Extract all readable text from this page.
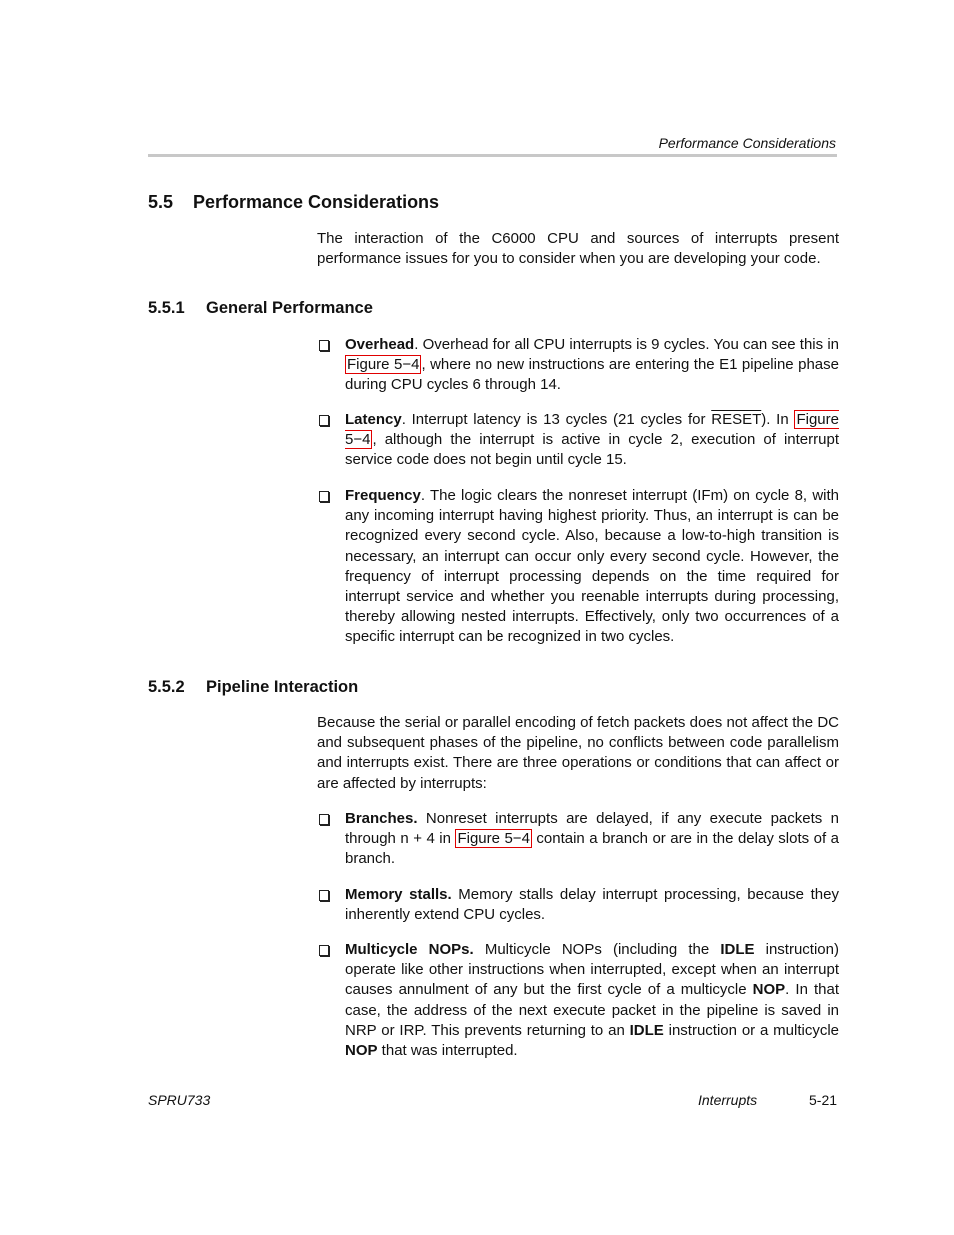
Performance Considerations
5.5 Performance Considerations

The interaction of the C6000 CPU and sources of interrupts present performance issues for you to consider when you are developing your code.

5.5.1 General Performance
Overhead. Overhead for all CPU interrupts is 9 cycles. You can see this in Figure 5−4 , where no new instructions are entering the E1 pipeline phase during CPU cycles 6 through 14.
Latency. Interrupt latency is 13 cycles (21 cycles for RESET). In Figure 5−4 , although the interrupt is active in cycle 2, execution of interrupt service code does not begin until cycle 15.
Frequency. The logic clears the nonreset interrupt (IFm) on cycle 8, with any incoming interrupt having highest priority. Thus, an interrupt is can be recognized every second cycle. Also, because a low-to-high transition is necessary, an interrupt can occur only every second cycle. However, the frequency of interrupt processing depends on the time required for interrupt service and whether you reenable interrupts during processing, thereby allowing nested interrupts. Effectively, only two occurrences of a specific interrupt can be recognized in two cycles.
5.5.2 Pipeline Interaction

Because the serial or parallel encoding of fetch packets does not affect the DC and subsequent phases of the pipeline, no conflicts between code parallelism and interrupts exist. There are three operations or conditions that can affect or are affected by interrupts:

Branches. Nonreset interrupts are delayed, if any execute packets n through n + 4 in Figure 5−4 contain a branch or are in the delay slots of a branch.
Memory stalls. Memory stalls delay interrupt processing, because they inherently extend CPU cycles.
Multicycle NOPs. Multicycle NOPs (including the IDLE instruction) operate like other instructions when interrupted, except when an interrupt causes annulment of any but the first cycle of a multicycle NOP. In that case, the address of the next execute packet in the pipeline is saved in NRP or IRP. This prevents returning to an IDLE instruction or a multicycle NOP that was interrupted.
SPRU733	Interrupts	5-21
